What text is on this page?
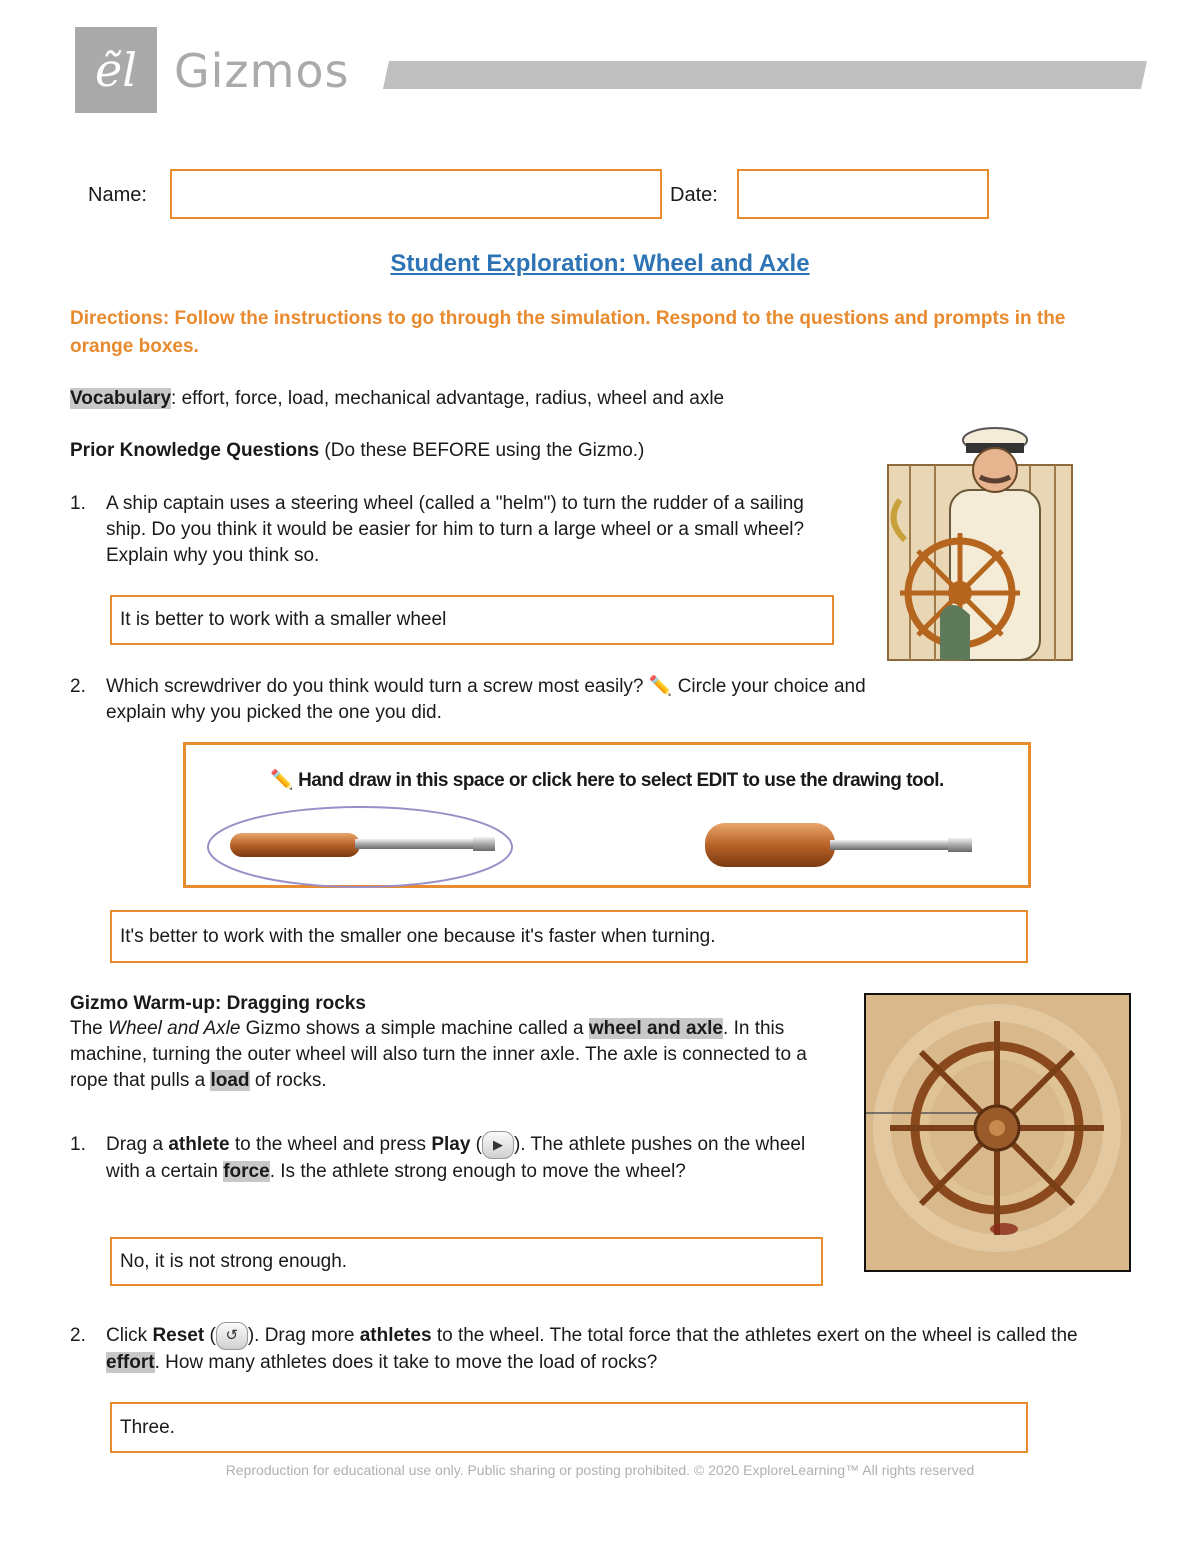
ẽl Gizmos
Name:	Date:
Student Exploration: Wheel and Axle
Directions: Follow the instructions to go through the simulation. Respond to the questions and prompts in the orange boxes.
Vocabulary: effort, force, load, mechanical advantage, radius, wheel and axle
Prior Knowledge Questions (Do these BEFORE using the Gizmo.)
1. A ship captain uses a steering wheel (called a "helm") to turn the rudder of a sailing ship. Do you think it would be easier for him to turn a large wheel or a small wheel? Explain why you think so.
It is better to work with a smaller wheel
2. Which screwdriver do you think would turn a screw most easily? ✏️ Circle your choice and explain why you picked the one you did.
✏️ Hand draw in this space or click here to select EDIT to use the drawing tool.
It's better to work with the smaller one because it's faster when turning.
Gizmo Warm-up: Dragging rocks
The Wheel and Axle Gizmo shows a simple machine called a wheel and axle. In this machine, turning the outer wheel will also turn the inner axle. The axle is connected to a rope that pulls a load of rocks.
1. Drag a athlete to the wheel and press Play ( ▶ ). The athlete pushes on the wheel with a certain force. Is the athlete strong enough to move the wheel?
No, it is not strong enough.
2. Click Reset ( ↺ ). Drag more athletes to the wheel. The total force that the athletes exert on the wheel is called the effort. How many athletes does it take to move the load of rocks?
Three.
Reproduction for educational use only. Public sharing or posting prohibited. © 2020 ExploreLearning™ All rights reserved
